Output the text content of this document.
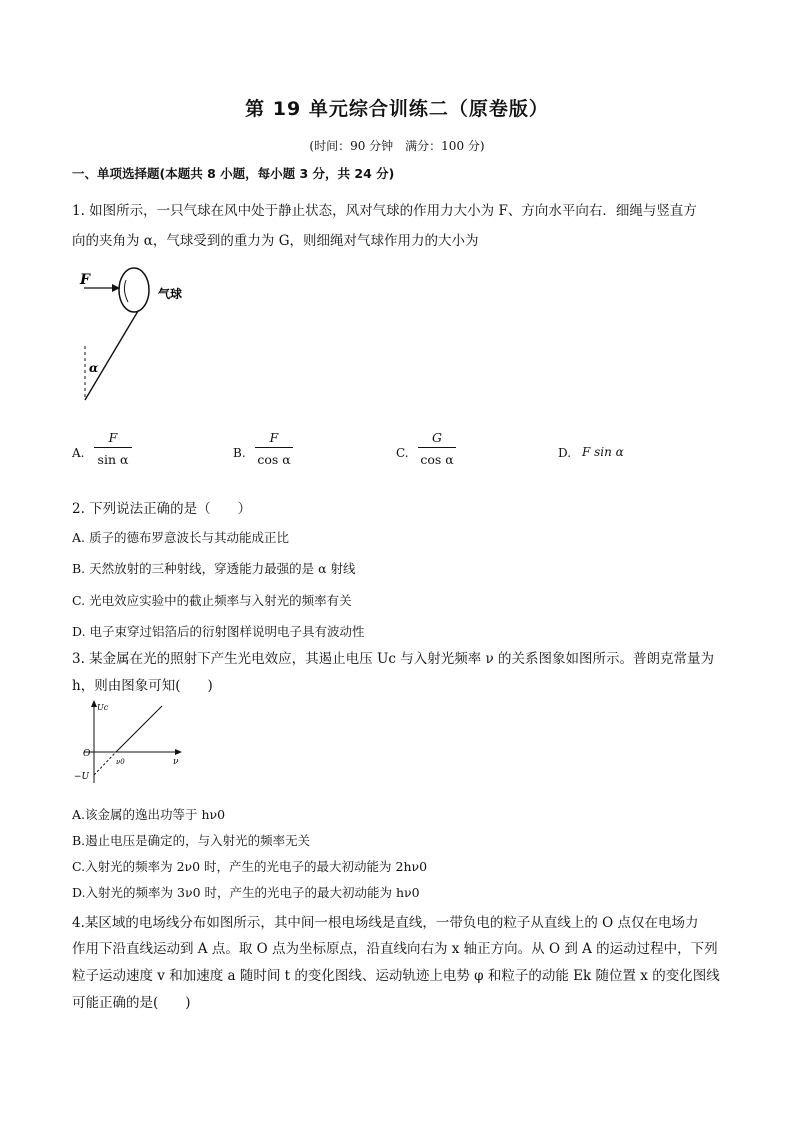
第 19 单元综合训练二（原卷版）
(时间：90 分钟　满分：100 分)
一、单项选择题(本题共 8 小题，每小题 3 分，共 24 分)
1. 如图所示，一只气球在风中处于静止状态，风对气球的作用力大小为 F、方向水平向右．细绳与竖直方
向的夹角为 α，气球受到的重力为 G，则细绳对气球作用力的大小为
F
气球
α
A.
F
sin α	B.
F
cos α	C.
G
cos α	D. F sin α
2. 下列说法正确的是（　　）
A. 质子的德布罗意波长与其动能成正比
B. 天然放射的三种射线，穿透能力最强的是 α 射线
C. 光电效应实验中的截止频率与入射光的频率有关
D. 电子束穿过铝箔后的衍射图样说明电子具有波动性
3. 某金属在光的照射下产生光电效应，其遏止电压 Uc 与入射光频率 ν 的关系图象如图所示。普朗克常量为
h，则由图象可知(　　)
Uc
ν
O
ν0
−U
A.该金属的逸出功等于 hν0
B.遏止电压是确定的，与入射光的频率无关
C.入射光的频率为 2ν0 时，产生的光电子的最大初动能为 2hν0
D.入射光的频率为 3ν0 时，产生的光电子的最大初动能为 hν0
4.某区域的电场线分布如图所示，其中间一根电场线是直线，一带负电的粒子从直线上的 O 点仅在电场力
作用下沿直线运动到 A 点。取 O 点为坐标原点，沿直线向右为 x 轴正方向。从 O 到 A 的运动过程中，下列
粒子运动速度 v 和加速度 a 随时间 t 的变化图线、运动轨迹上电势 φ 和粒子的动能 Ek 随位置 x 的变化图线
可能正确的是(　　)
